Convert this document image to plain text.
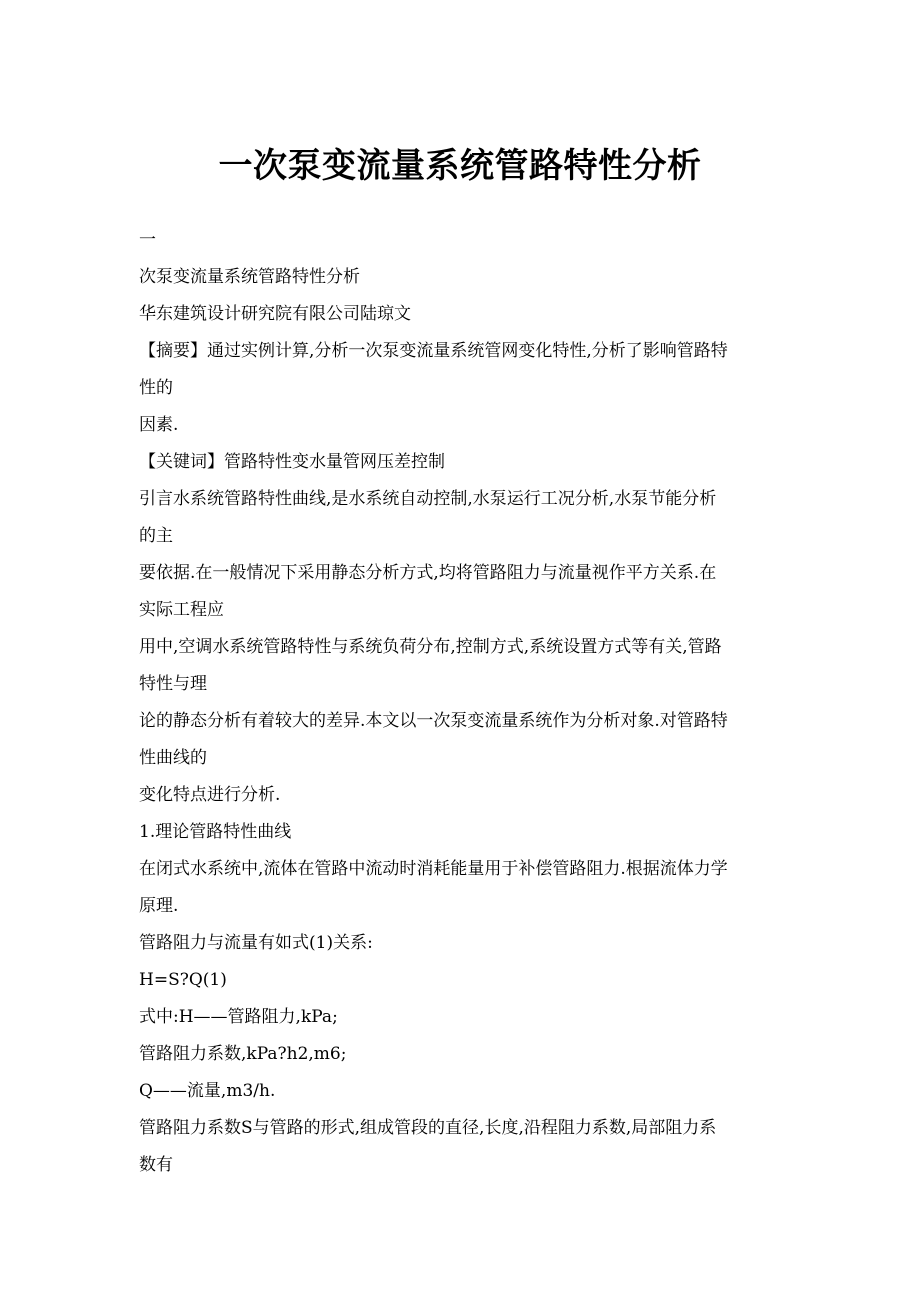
一次泵变流量系统管路特性分析
一
次泵变流量系统管路特性分析
华东建筑设计研究院有限公司陆琼文
【摘要】通过实例计算,分析一次泵变流量系统管网变化特性,分析了影响管路特
性的
因素.
【关键词】管路特性变水量管网压差控制
引言水系统管路特性曲线,是水系统自动控制,水泵运行工况分析,水泵节能分析
的主
要依据.在一般情况下采用静态分析方式,均将管路阻力与流量视作平方关系.在
实际工程应
用中,空调水系统管路特性与系统负荷分布,控制方式,系统设置方式等有关,管路
特性与理
论的静态分析有着较大的差异.本文以一次泵变流量系统作为分析对象.对管路特
性曲线的
变化特点进行分析.
1.理论管路特性曲线
在闭式水系统中,流体在管路中流动时消耗能量用于补偿管路阻力.根据流体力学
原理.
管路阻力与流量有如式(1)关系:
H=S?Q(1)
式中:H——管路阻力,kPa;
管路阻力系数,kPa?h2,m6;
Q——流量,m3/h.
管路阻力系数S与管路的形式,组成管段的直径,长度,沿程阻力系数,局部阻力系
数有
